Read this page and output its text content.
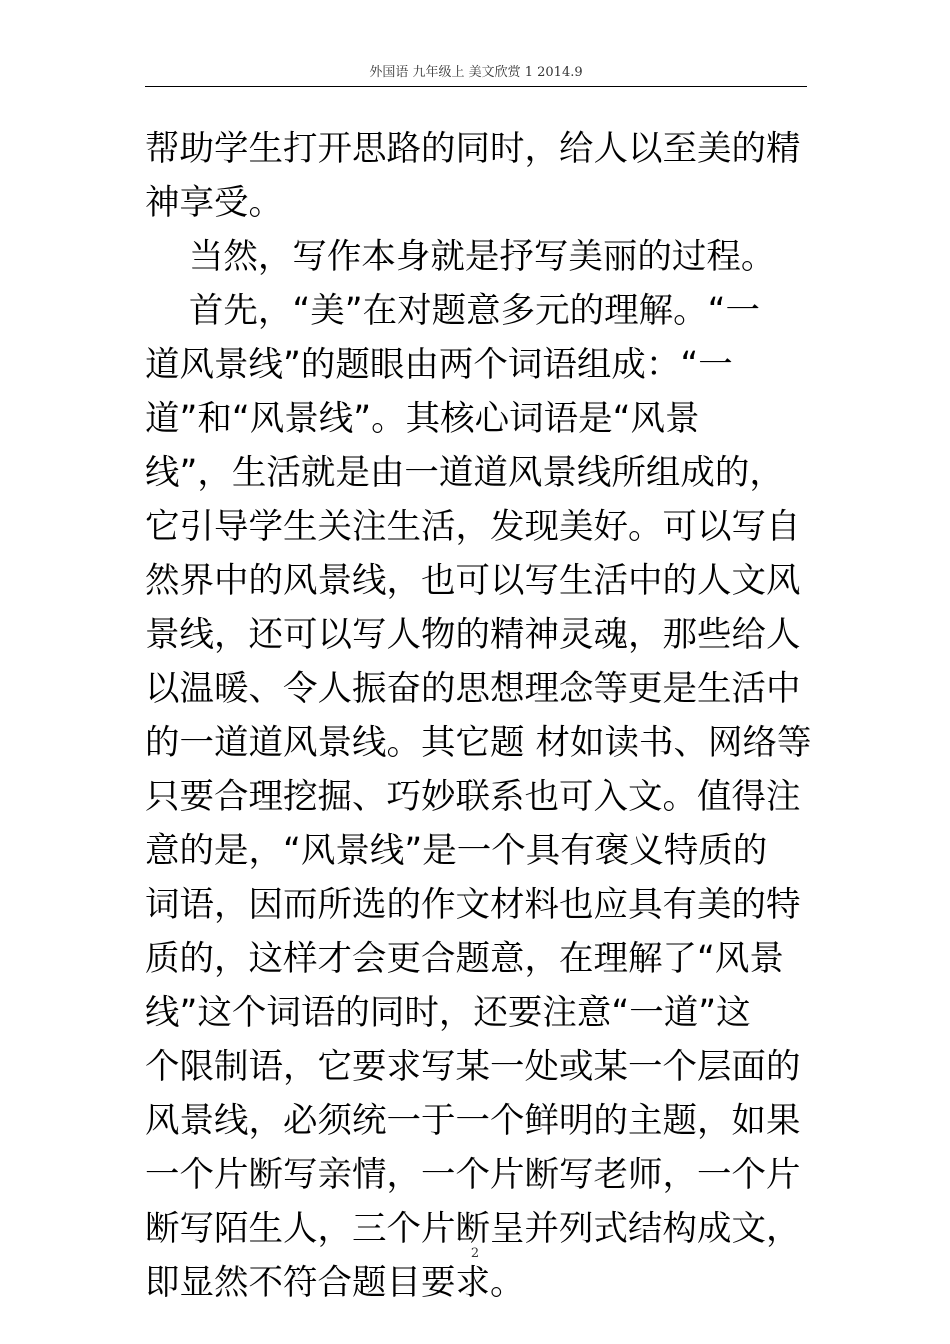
外国语 九年级上 美文欣赏 1 2014.9
帮助学生打开思路的同时，给人以至美的精
神享受。
当然，写作本身就是抒写美丽的过程。
首先，“美”在对题意多元的理解。“一
道风景线”的题眼由两个词语组成：“一
道”和“风景线”。其核心词语是“风景
线”，生活就是由一道道风景线所组成的，
它引导学生关注生活，发现美好。可以写自
然界中的风景线，也可以写生活中的人文风
景线，还可以写人物的精神灵魂，那些给人
以温暖、令人振奋的思想理念等更是生活中
的一道道风景线。其它题 材如读书、网络等
只要合理挖掘、巧妙联系也可入文。值得注
意的是，“风景线”是一个具有褒义特质的
词语，因而所选的作文材料也应具有美的特
质的，这样才会更合题意，在理解了“风景
线”这个词语的同时，还要注意“一道”这
个限制语，它要求写某一处或某一个层面的
风景线，必须统一于一个鲜明的主题，如果
一个片断写亲情，一个片断写老师，一个片
断写陌生人，三个片断呈并列式结构成文，
即显然不符合题目要求。
2
